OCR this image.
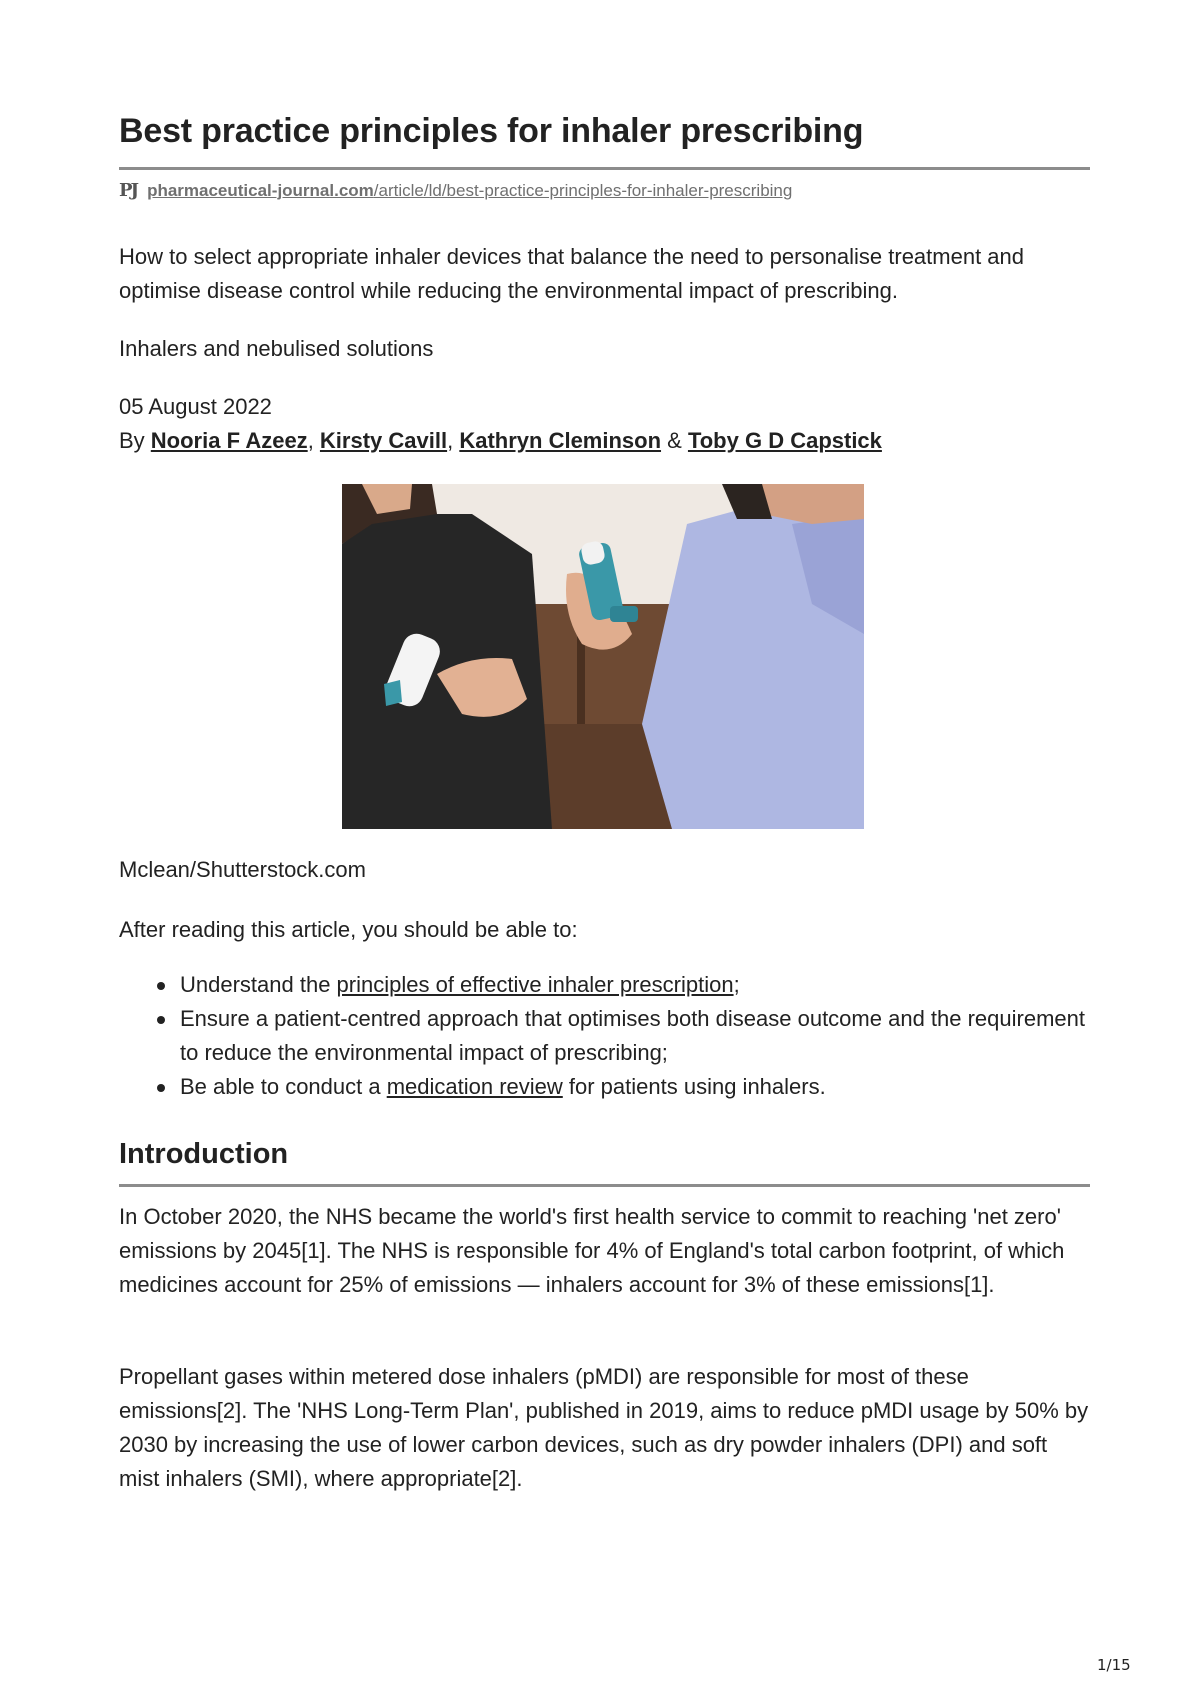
Best practice principles for inhaler prescribing
PJ pharmaceutical-journal.com/article/ld/best-practice-principles-for-inhaler-prescribing

How to select appropriate inhaler devices that balance the need to personalise treatment and optimise disease control while reducing the environmental impact of prescribing.

Inhalers and nebulised solutions

05 August 2022

By Nooria F Azeez, Kirsty Cavill, Kathryn Cleminson & Toby G D Capstick

Mclean/Shutterstock.com

After reading this article, you should be able to:

Understand the principles of effective inhaler prescription;
Ensure a patient-centred approach that optimises both disease outcome and the requirement to reduce the environmental impact of prescribing;
Be able to conduct a medication review for patients using inhalers.
Introduction

In October 2020, the NHS became the world's first health service to commit to reaching 'net zero' emissions by 2045[1]. The NHS is responsible for 4% of England's total carbon footprint, of which medicines account for 25% of emissions — inhalers account for 3% of these emissions[1].

Propellant gases within metered dose inhalers (pMDI) are responsible for most of these emissions[2]. The 'NHS Long-Term Plan', published in 2019, aims to reduce pMDI usage by 50% by 2030 by increasing the use of lower carbon devices, such as dry powder inhalers (DPI) and soft mist inhalers (SMI), where appropriate[2].

1/15
